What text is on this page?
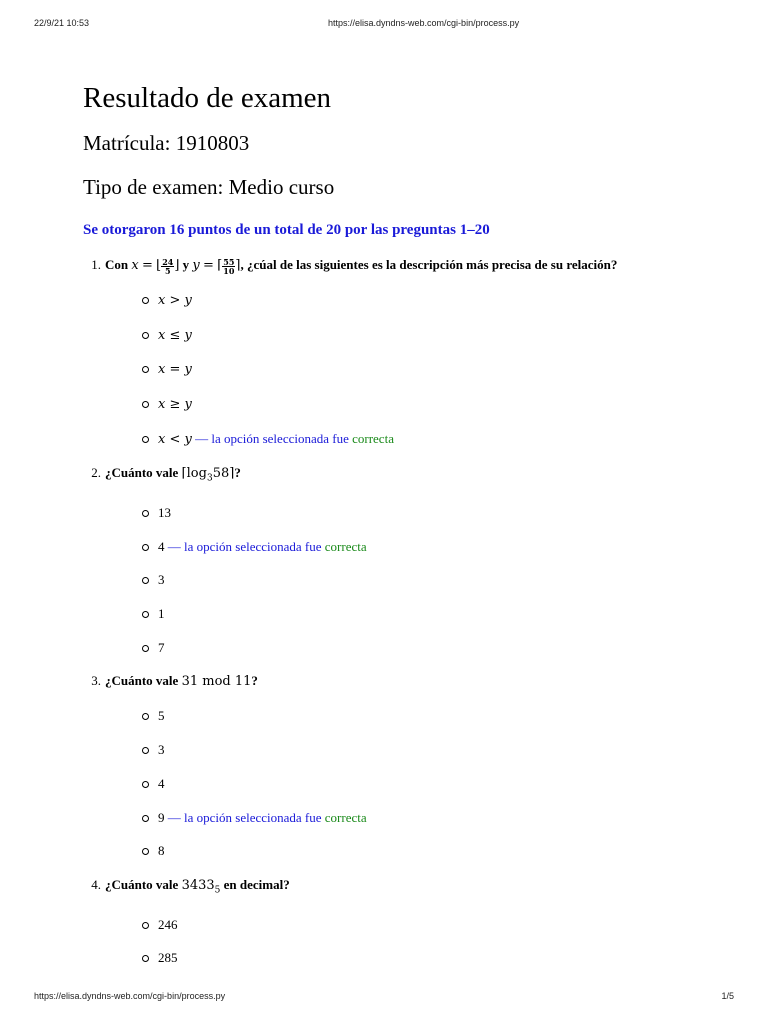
22/9/21 10:53	https://elisa.dyndns-web.com/cgi-bin/process.py
Resultado de examen
Matrícula: 1910803
Tipo de examen: Medio curso
Se otorgaron 16 puntos de un total de 20 por las preguntas 1–20
1. Con x = ⌊ $\frac{24}{5}$ ⌋ y y = ⌈ $\frac{55}{10}$ ⌉, ¿cúal de las siguientes es la descripción más precisa de su relación?
x > y
x ≤ y
x = y
x ≥ y
x < y — la opción seleccionada fue correcta
2. ¿Cuánto vale $⌈\log_358⌉$?
13
4 — la opción seleccionada fue correcta
3
1
7
3. ¿Cuánto vale 31 mod 11?
5
3
4
9 — la opción seleccionada fue correcta
8
4. ¿Cuánto vale $3433_5$ en decimal?
246
285
https://elisa.dyndns-web.com/cgi-bin/process.py	1/5
